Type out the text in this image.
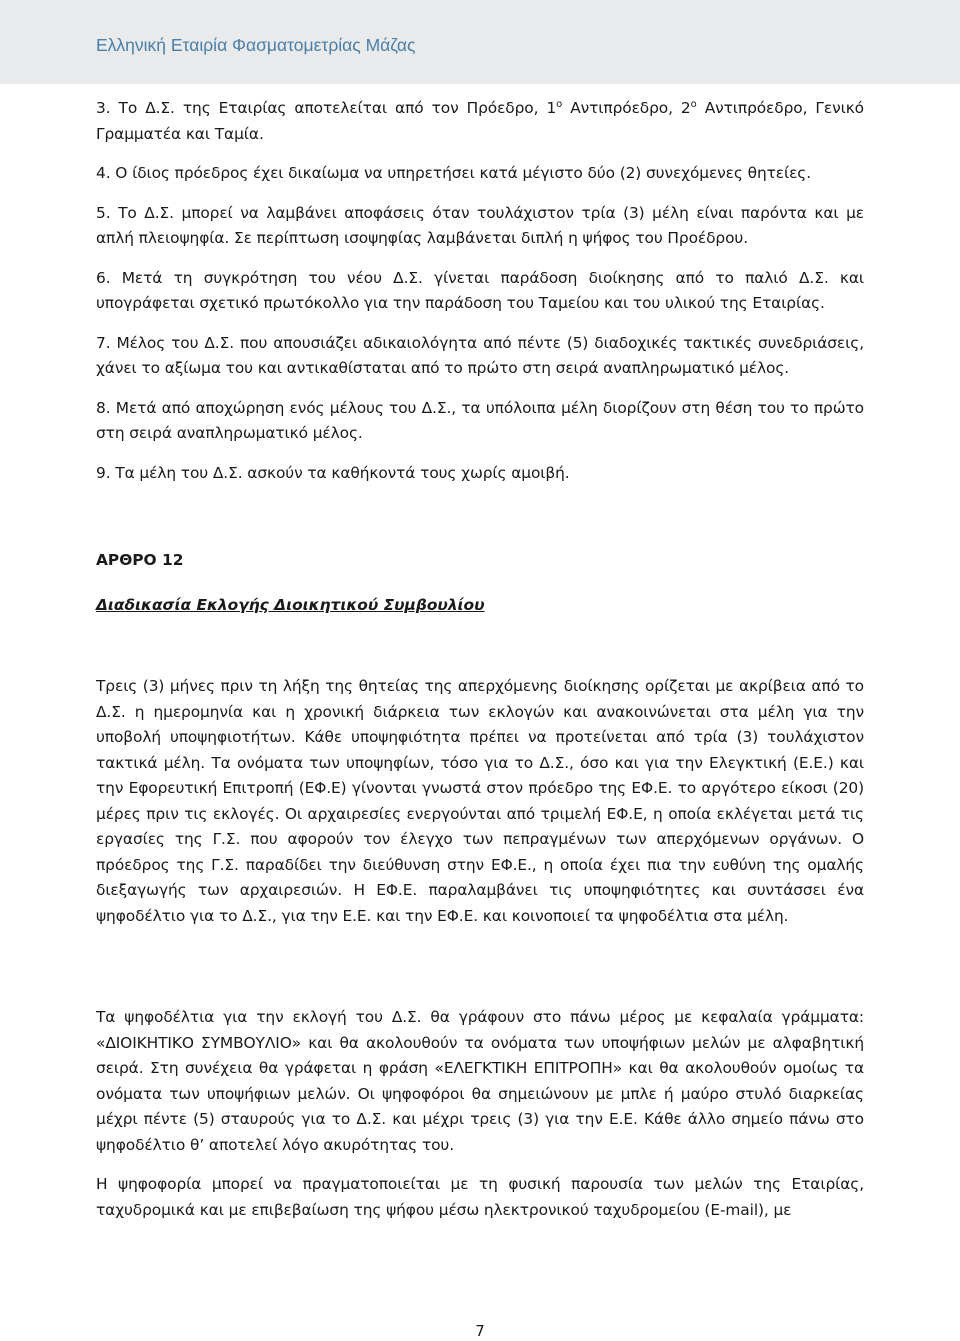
Ελληνική Εταιρία Φασματομετρίας Μάζας

3. Το Δ.Σ. της Εταιρίας αποτελείται από τον Πρόεδρο, $1^o$ Αντιπρόεδρο, $2^o$ Αντιπρόεδρο, Γενικό Γραμματέα και Ταμία.

4. Ο ίδιος πρόεδρος έχει δικαίωμα να υπηρετήσει κατά μέγιστο δύο (2) συνεχόμενες θητείες.

5. Το Δ.Σ. μπορεί να λαμβάνει αποφάσεις όταν τουλάχιστον τρία (3) μέλη είναι παρόντα και με απλή πλειοψηφία. Σε περίπτωση ισοψηφίας λαμβάνεται διπλή η ψήφος του Προέδρου.

6. Μετά τη συγκρότηση του νέου Δ.Σ. γίνεται παράδοση διοίκησης από το παλιό Δ.Σ. και υπογράφεται σχετικό πρωτόκολλο για την παράδοση του Ταμείου και του υλικού της Εταιρίας.

7. Μέλος του Δ.Σ. που απουσιάζει αδικαιολόγητα από πέντε (5) διαδοχικές τακτικές συνεδριάσεις, χάνει το αξίωμα του και αντικαθίσταται από το πρώτο στη σειρά αναπληρωματικό μέλος.

8. Μετά από αποχώρηση ενός μέλους του Δ.Σ., τα υπόλοιπα μέλη διορίζουν στη θέση του το πρώτο στη σειρά αναπληρωματικό μέλος.

9. Τα μέλη του Δ.Σ. ασκούν τα καθήκοντά τους χωρίς αμοιβή.

ΑΡΘΡΟ 12
Διαδικασία Εκλογής Διοικητικού Συμβουλίου

Τρεις (3) μήνες πριν τη λήξη της θητείας της απερχόμενης διοίκησης ορίζεται με ακρίβεια από το Δ.Σ. η ημερομηνία και η χρονική διάρκεια των εκλογών και ανακοινώνεται στα μέλη για την υποβολή υποψηφιοτήτων. Κάθε υποψηφιότητα πρέπει να προτείνεται από τρία (3) τουλάχιστον τακτικά μέλη. Τα ονόματα των υποψηφίων, τόσο για το Δ.Σ., όσο και για την Ελεγκτική (Ε.Ε.) και την Εφορευτική Επιτροπή (ΕΦ.Ε) γίνονται γνωστά στον πρόεδρο της ΕΦ.Ε. το αργότερο είκοσι (20) μέρες πριν τις εκλογές. Οι αρχαιρεσίες ενεργούνται από τριμελή ΕΦ.Ε, η οποία εκλέγεται μετά τις εργασίες της Γ.Σ. που αφορούν τον έλεγχο των πεπραγμένων των απερχόμενων οργάνων. Ο πρόεδρος της Γ.Σ. παραδίδει την διεύθυνση στην ΕΦ.Ε., η οποία έχει πια την ευθύνη της ομαλής διεξαγωγής των αρχαιρεσιών. Η ΕΦ.Ε. παραλαμβάνει τις υποψηφιότητες και συντάσσει ένα ψηφοδέλτιο για το Δ.Σ., για την Ε.Ε. και την ΕΦ.Ε. και κοινοποιεί τα ψηφοδέλτια στα μέλη.

Τα ψηφοδέλτια για την εκλογή του Δ.Σ. θα γράφουν στο πάνω μέρος με κεφαλαία γράμματα: «ΔΙΟΙΚΗΤΙΚΟ ΣΥΜΒΟΥΛΙΟ» και θα ακολουθούν τα ονόματα των υποψήφιων μελών με αλφαβητική σειρά. Στη συνέχεια θα γράφεται η φράση «ΕΛΕΓΚΤΙΚΗ ΕΠΙΤΡΟΠΗ» και θα ακολουθούν ομοίως τα ονόματα των υποψήφιων μελών. Οι ψηφοφόροι θα σημειώνουν με μπλε ή μαύρο στυλό διαρκείας μέχρι πέντε (5) σταυρούς για το Δ.Σ. και μέχρι τρεις (3) για την Ε.Ε. Κάθε άλλο σημείο πάνω στο ψηφοδέλτιο θ’ αποτελεί λόγο ακυρότητας του.

Η ψηφοφορία μπορεί να πραγματοποιείται με τη φυσική παρουσία των μελών της Εταιρίας, ταχυδρομικά και με επιβεβαίωση της ψήφου μέσω ηλεκτρονικού ταχυδρομείου (E-mail), με

7
